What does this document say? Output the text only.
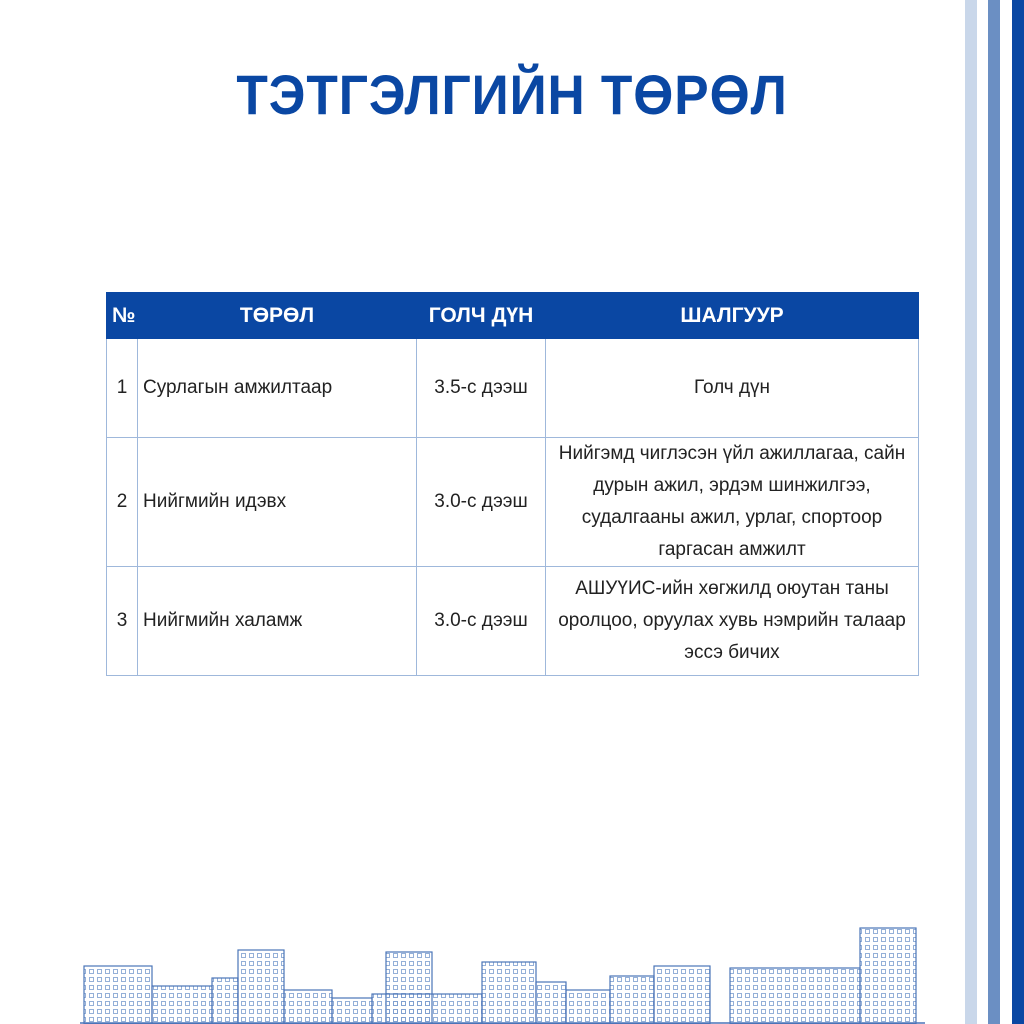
ТЭТГЭЛГИЙН ТӨРӨЛ
№	ТӨРӨЛ	ГОЛЧ ДҮН	ШАЛГУУР
1	Сурлагын амжилтаар	3.5-с дээш	Голч дүн
2	Нийгмийн идэвх	3.0-с дээш	Нийгэмд чиглэсэн үйл ажиллагаа, сайн дурын ажил, эрдэм шинжилгээ, судалгааны ажил, урлаг, спортоор гаргасан амжилт
3	Нийгмийн халамж	3.0-с дээш	АШУҮИС-ийн хөгжилд оюутан таны оролцоо, оруулах хувь нэмрийн талаар эссэ бичих
